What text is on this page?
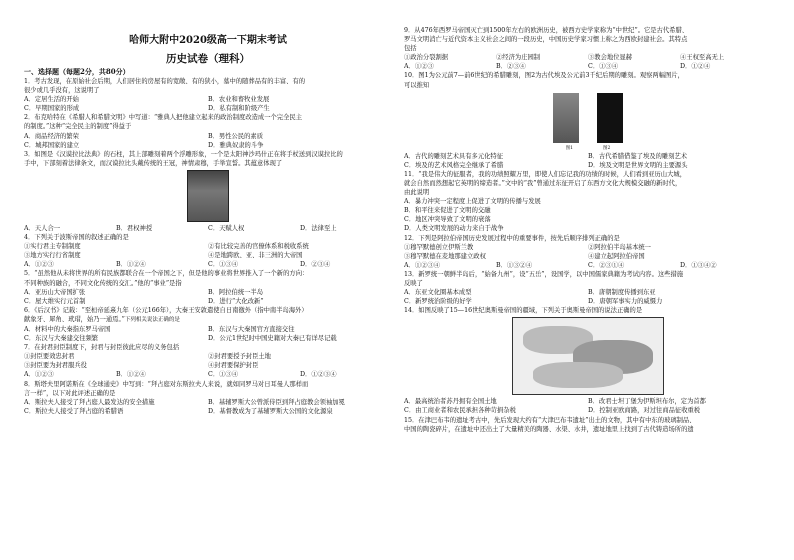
哈师大附中2020级高一下期末考试
历史试卷（理科）
一、选择题（每题2分，共80分）
1．考古发现，在原始社会后期，人们居住的房屋有的宽敞、有的狭小，墓中的随葬品有的丰富、有的
很少或几乎没有，这说明了
A．定居生活的开始	B．农业和畜牧业发展
C．早期国家的形成	D．私有制和阶级产生
2．布克哈特在《希腊人和希腊文明》中写道：“雅典人把他建立起来的政治制度改造成一个完全民主
的制度。”这种“完全民主的制度”得益于
A．商品经济的繁荣	B．男性公民的素质
C．城邦国家的建立	D．雅典奴隶的斗争
3．如图是《汉谟拉比法典》的石柱，其上部雕刻着两个浮雕形象，一个是太阳神沙玛什正在将手杖送到汉谟拉比的
手中，下部刻着法律条文，而汉谟拉比头戴传统的王冠，神情肃穆，手举宣誓。其蕴意体现了
A．天人合一	B．君权神授	C．天赋人权	D．法律至上
4．下列关于波斯帝国的叙述正确的是
①实行君主专制制度	②有比较完善的官僚体系和税收系统
③地方实行行省制度	④是地跨欧、亚、非三洲的大帝国
A．①②③	B．①②④	C．①③④	D．②③④
5．“虽然他从未将世界的所有民族都联合在一个帝国之下，但是他的事业将世界推入了一个新的方向：
不同种族的融合，不同文化传统的交汇。”他的“事业”是指
A．亚历山大帝国扩张	B．阿拉伯统一半岛
C．屋大维实行元首制	D．进行“大化改新”
6．《后汉书》记载：“至桓帝延熹九年（公元166年），大秦王安敦遣使自日南徼外（指中南半岛海外）
献象牙、犀角、玳瑁，始乃一通焉。”下列相关说法正确的是
A．材料中的大秦指东罗马帝国	B．东汉与大秦国官方直接交往
C．东汉与大秦建交往频繁	D．公元1世纪时中国史籍对大秦已有详尽记载
7．在封君封臣制度下，封君与封臣彼此应尽的义务包括
①封臣要效忠封君	②封君要授予封臣土地
③封臣要为封君服兵役	④封君要保护封臣
A．①②③	B．①②④	C．①③④	D．①②③④
8．斯塔夫里阿诺斯在《全球通史》中写到：“拜占庭对东斯拉夫人来说，就如同罗马对日耳曼人那样而
言一样”，以下对此评述正确的是
A．斯拉夫人接受了拜占庭人最发达的安全措施	B．基辅罗斯大公曾派侍臣到拜占庭教会领袖加冕
C．斯拉夫人接受了拜占庭的希腊语	D．基督教成为了基辅罗斯大公国的文化源泉
9．从476年西罗马帝国灭亡到1500年左右的欧洲历史，被西方史学家称为“中世纪”。它是古代希腊、
罗马文明消亡与近代资本主义社会之间的一段历史，中国历史学家习惯上称之为西欧封建社会。其特点
包括
①政治分裂割据	②经济为庄园制	③教会地位显赫	④王权至高无上
A．①②③	B．②③④	C．①③④	D．①②④
10．图1为公元前7—前6世纪的希腊雕刻，图2为古代埃及公元前3千纪后期的雕刻。观察两幅图片，
可以推知
图1	图2
A．古代的雕刻艺术具有多元化特征	B．古代希腊借鉴了埃及的雕刻艺术
C．埃及的艺术风格完全继承了希腊	D．埃及文明是世界文明的主要源头
11．“我是伟大的征服者，我的功绩照耀万里，即使人们忘记我的功绩的时候，人们看到亚历山大城，
就会自然而然想起它英明的缔造者。”文中的“我”曾通过东征开启了东西方文化大规模交融的新时代，
由此说明
A．暴力冲突一定程度上促进了文明的传播与发展
B．和平往来促进了文明的交融
C．地区冲突导致了文明的衰落
D．人类文明发展的动力来自于战争
12．下列是阿拉伯帝国历史发展过程中的重要事件，按先后顺序排列正确的是
①穆罕默德创立伊斯兰教	②阿拉伯半岛基本统一
③穆罕默德在麦地那建立政权	④建立起阿拉伯帝国
A．①②③④	B．①③②④	C．②③①④	D．①③④②
13．新罗统一朝鲜半岛后，“始备九州”，设“五岳”，设国学，以中国儒家典籍为考试内容。这些措施
反映了
A．东亚文化圈基本成型	B．唐朝制度传播到东亚
C．新罗统治阶级的好学	D．唐朝军事实力的威慑力
14．如图反映了15—16世纪奥斯曼帝国的疆域，下列关于奥斯曼帝国的说法正确的是
A．最高统治者苏丹拥有全国土地	B．改君士坦丁堡为伊斯坦布尔，定为首都
C．由工商业者和农民承担各种苛捐杂税	D．控制亚欧商路，对过往商品征收重税
15．在津巴布韦的遗址考古中，先后发现大约有“大津巴布韦遗址”出土的文物，其中有中东的玻璃制品、
中国的陶瓷碎片，在遗址中还出土了大量精美的陶器、水渠、水井，遗址地里上找到了古代铸造场所的遗
